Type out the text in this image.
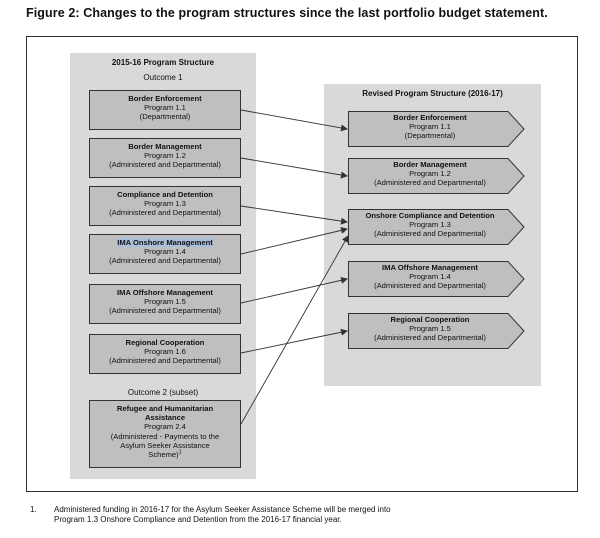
Figure 2: Changes to the program structures since the last portfolio budget statement.
2015-16 Program Structure
Outcome 1
Border Enforcement
Program 1.1
(Departmental)
Border Management
Program 1.2
(Administered and Departmental)
Compliance and Detention
Program 1.3
(Administered and Departmental)
IMA Onshore Management
Program 1.4
(Administered and Departmental)
IMA Offshore Management
Program 1.5
(Administered and Departmental)
Regional Cooperation
Program 1.6
(Administered and Departmental)
Outcome 2 (subset)
Refugee and Humanitarian
Assistance
Program 2.4
(Administered - Payments to the
Asylum Seeker Assistance
Scheme)$^1$
Revised Program Structure (2016-17)
Border Enforcement
Program 1.1
(Departmental)
Border Management
Program 1.2
(Administered and Departmental)
Onshore Compliance and Detention
Program 1.3
(Administered and Departmental)
IMA Offshore Management
Program 1.4
(Administered and Departmental)
Regional Cooperation
Program 1.5
(Administered and Departmental)
1. Administered funding in 2016-17 for the Asylum Seeker Assistance Scheme will be merged into
Program 1.3 Onshore Compliance and Detention from the 2016-17 financial year.
